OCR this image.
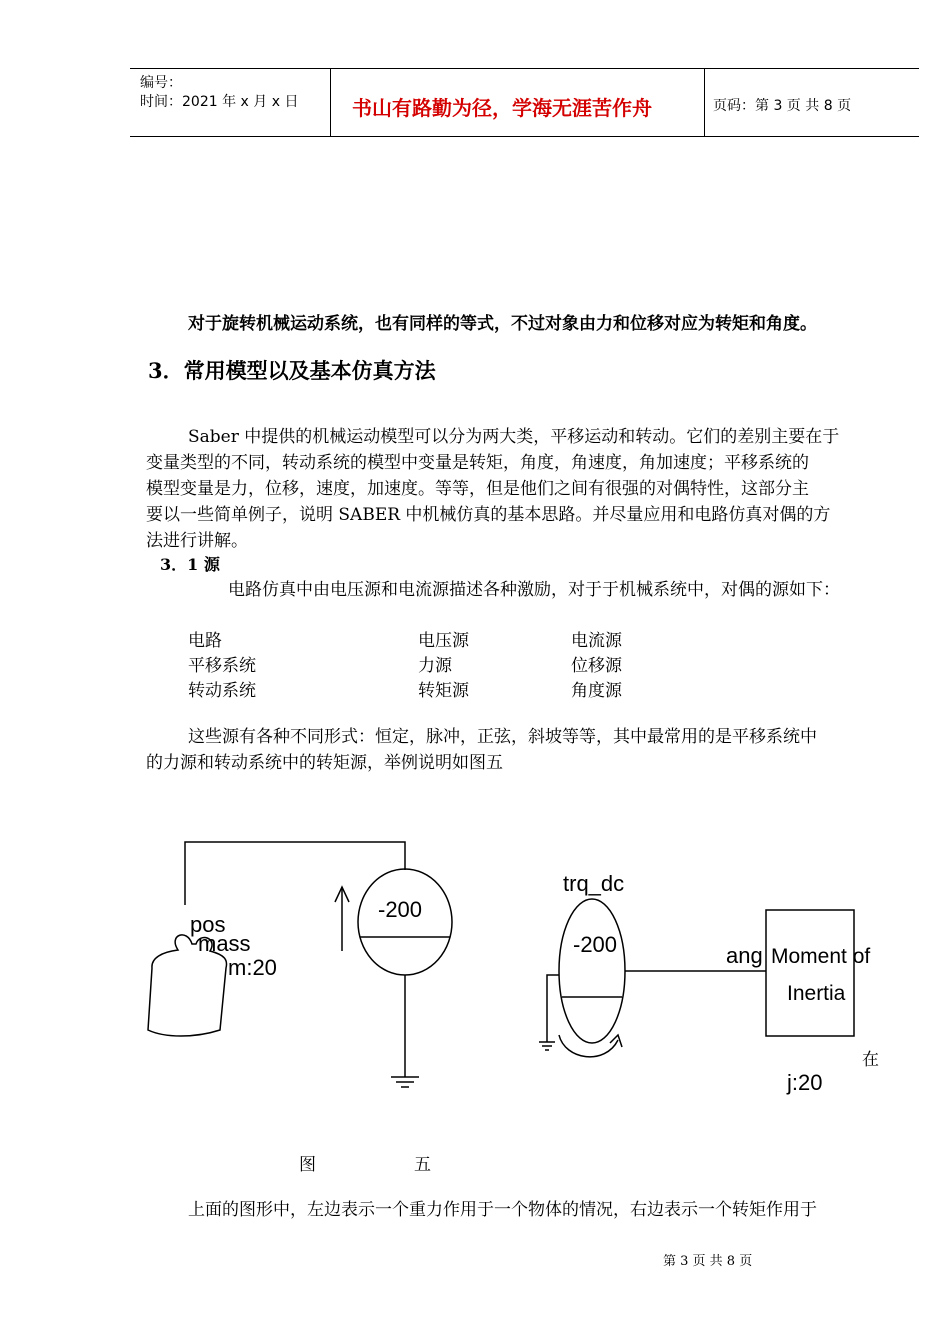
编号：
时间：2021 年 x 月 x 日	书山有路勤为径，学海无涯苦作舟	页码：第 3 页 共 8 页
对于旋转机械运动系统，也有同样的等式，不过对象由力和位移对应为转矩和角度。
3．常用模型以及基本仿真方法
Saber 中提供的机械运动模型可以分为两大类，平移运动和转动。它们的差别主要在于
变量类型的不同，转动系统的模型中变量是转矩，角度，角速度，角加速度；平移系统的
模型变量是力，位移，速度，加速度。等等，但是他们之间有很强的对偶特性，这部分主
要以一些简单例子，说明 SABER 中机械仿真的基本思路。并尽量应用和电路仿真对偶的方
法进行讲解。
3．1 源
电路仿真中由电压源和电流源描述各种激励，对于于机械系统中，对偶的源如下：
电路	电压源	电流源
平移系统	力源	位移源
转动系统	转矩源	角度源
这些源有各种不同形式：恒定，脉冲，正弦，斜坡等等，其中最常用的是平移系统中
的力源和转动系统中的转矩源，举例说明如图五
-200
pos
mass
m:20
trq_dc
-200	ang Moment of
Inertia
j:20
在
图	五
上面的图形中，左边表示一个重力作用于一个物体的情况，右边表示一个转矩作用于
第 3 页 共 8 页
